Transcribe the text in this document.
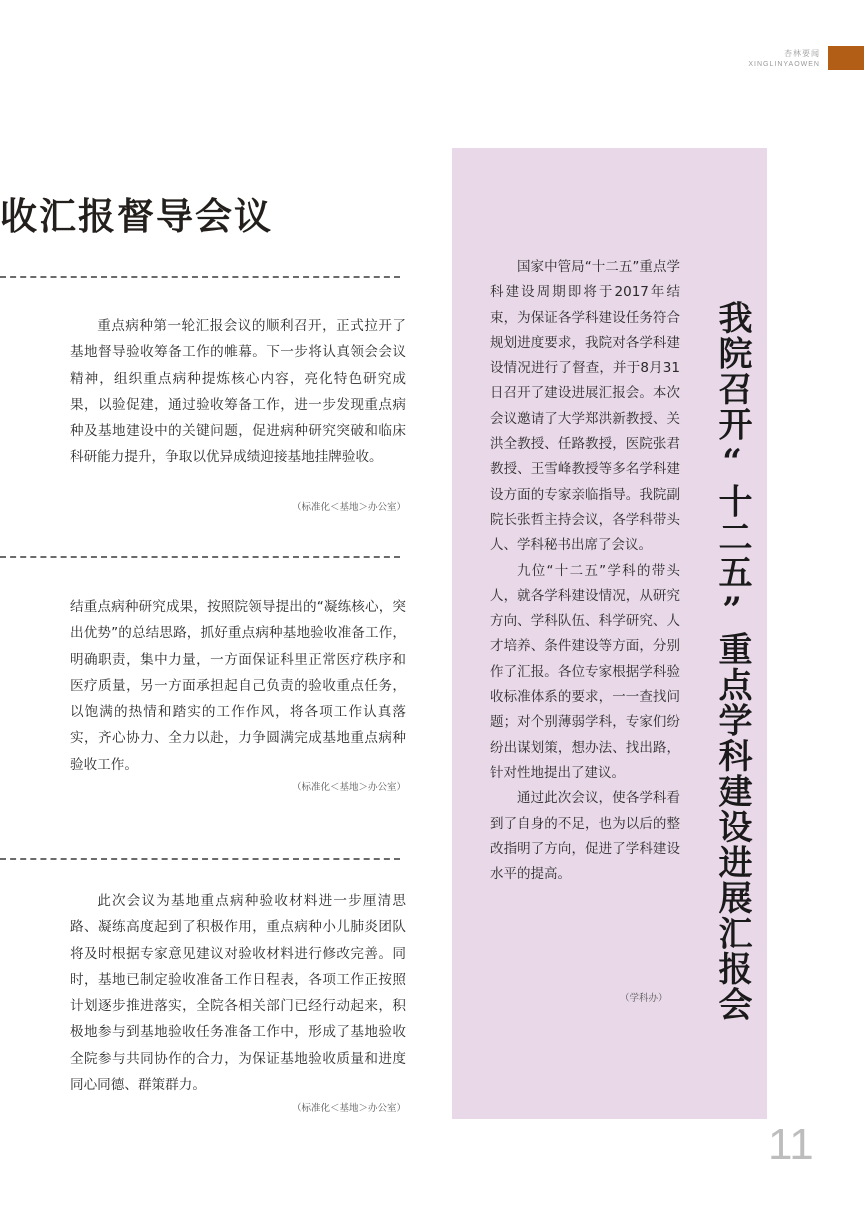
杏林要闻
XINGLINYAOWEN
收汇报督导会议

重点病种第一轮汇报会议的顺利召开，正式拉开了基地督导验收筹备工作的帷幕。下一步将认真领会会议精神，组织重点病种提炼核心内容，亮化特色研究成果，以验促建，通过验收筹备工作，进一步发现重点病种及基地建设中的关键问题，促进病种研究突破和临床科研能力提升，争取以优异成绩迎接基地挂牌验收。

（标准化＜基地＞办公室）

结重点病种研究成果，按照院领导提出的“凝练核心，突出优势”的总结思路，抓好重点病种基地验收准备工作，明确职责，集中力量，一方面保证科里正常医疗秩序和医疗质量，另一方面承担起自己负责的验收重点任务，以饱满的热情和踏实的工作作风，将各项工作认真落实，齐心协力、全力以赴，力争圆满完成基地重点病种验收工作。

（标准化＜基地＞办公室）

此次会议为基地重点病种验收材料进一步厘清思路、凝练高度起到了积极作用，重点病种小儿肺炎团队将及时根据专家意见建议对验收材料进行修改完善。同时，基地已制定验收准备工作日程表，各项工作正按照计划逐步推进落实，全院各相关部门已经行动起来，积极地参与到基地验收任务准备工作中，形成了基地验收全院参与共同协作的合力，为保证基地验收质量和进度同心同德、群策群力。

（标准化＜基地＞办公室）

国家中管局“十二五”重点学科建设周期即将于2017年结束，为保证各学科建设任务符合规划进度要求，我院对各学科建设情况进行了督查，并于8月31日召开了建设进展汇报会。本次会议邀请了大学郑洪新教授、关洪全教授、任路教授，医院张君教授、王雪峰教授等多名学科建设方面的专家亲临指导。我院副院长张哲主持会议，各学科带头人、学科秘书出席了会议。

九位“十二五”学科的带头人，就各学科建设情况，从研究方向、学科队伍、科学研究、人才培养、条件建设等方面，分别作了汇报。各位专家根据学科验收标准体系的要求，一一查找问题；对个别薄弱学科，专家们纷纷出谋划策，想办法、找出路，针对性地提出了建议。

通过此次会议，使各学科看到了自身的不足，也为以后的整改指明了方向，促进了学科建设水平的提高。

（学科办） 我院召开“十二五”重点学科建设进展汇报会
11
